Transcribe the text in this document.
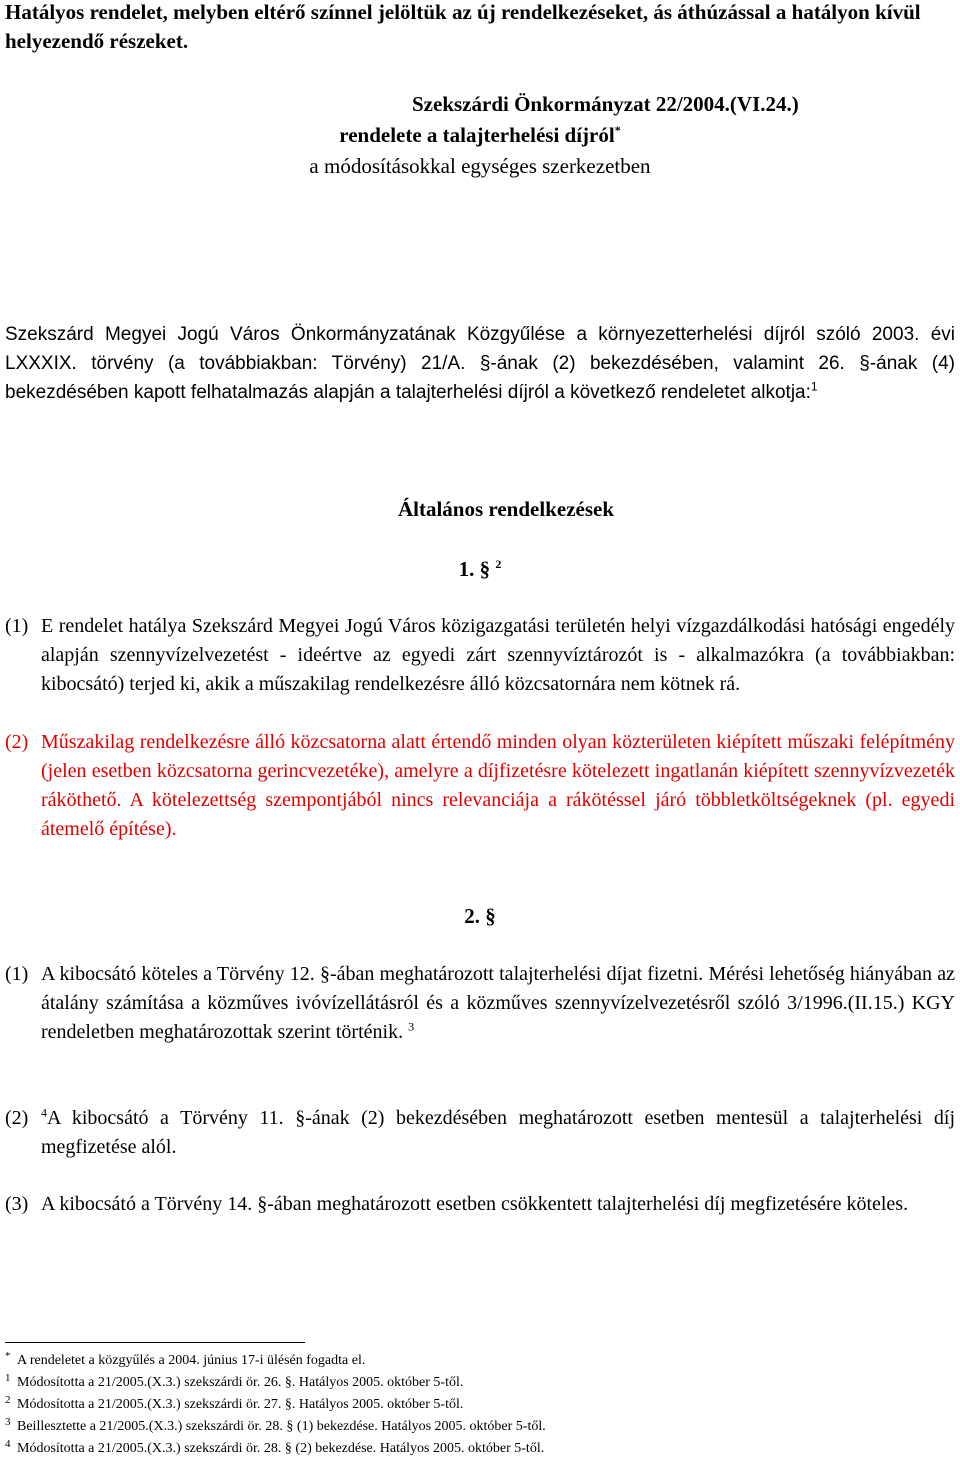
Hatályos rendelet, melyben eltérő színnel jelöltük az új rendelkezéseket, ás áthúzással a hatályon kívül helyezendő részeket.
Szekszárdi Önkormányzat 22/2004.(VI.24.)
rendelete a talajterhelési díjról*
a módosításokkal egységes szerkezetben
Szekszárd Megyei Jogú Város Önkormányzatának Közgyűlése a környezetterhelési díjról szóló 2003. évi LXXXIX. törvény (a továbbiakban: Törvény) 21/A. §-ának (2) bekezdésében, valamint 26. §-ának (4) bekezdésében kapott felhatalmazás alapján a talajterhelési díjról a következő rendeletet alkotja:$^1$
Általános rendelkezések
1. § $^2$
(1) E rendelet hatálya Szekszárd Megyei Jogú Város közigazgatási területén helyi vízgazdálkodási hatósági engedély alapján szennyvízelvezetést - ideértve az egyedi zárt szennyvíztározót is - alkalmazókra (a továbbiakban: kibocsátó) terjed ki, akik a műszakilag rendelkezésre álló közcsatornára nem kötnek rá.
(2) Műszakilag rendelkezésre álló közcsatorna alatt értendő minden olyan közterületen kiépített műszaki felépítmény (jelen esetben közcsatorna gerincvezetéke), amelyre a díjfizetésre kötelezett ingatlanán kiépített szennyvízvezeték ráköthető. A kötelezettség szempontjából nincs relevanciája a rákötéssel járó többletköltségeknek (pl. egyedi átemelő építése).
2. §
(1) A kibocsátó köteles a Törvény 12. §-ában meghatározott talajterhelési díjat fizetni. Mérési lehetőség hiányában az átalány számítása a közműves ivóvízellátásról és a közműves szennyvízelvezetésről szóló 3/1996.(II.15.) KGY rendeletben meghatározottak szerint történik. $^3$
(2) $^4$A kibocsátó a Törvény 11. §-ának (2) bekezdésében meghatározott esetben mentesül a talajterhelési díj megfizetése alól.
(3) A kibocsátó a Törvény 14. §-ában meghatározott esetben csökkentett talajterhelési díj megfizetésére köteles.
* A rendeletet a közgyűlés a 2004. június 17-i ülésén fogadta el.
1 Módosította a 21/2005.(X.3.) szekszárdi ör. 26. §. Hatályos 2005. október 5-től.
2 Módosította a 21/2005.(X.3.) szekszárdi ör. 27. §. Hatályos 2005. október 5-től.
3 Beillesztette a 21/2005.(X.3.) szekszárdi ör. 28. § (1) bekezdése. Hatályos 2005. október 5-től.
4 Módosította a 21/2005.(X.3.) szekszárdi ör. 28. § (2) bekezdése. Hatályos 2005. október 5-től.
